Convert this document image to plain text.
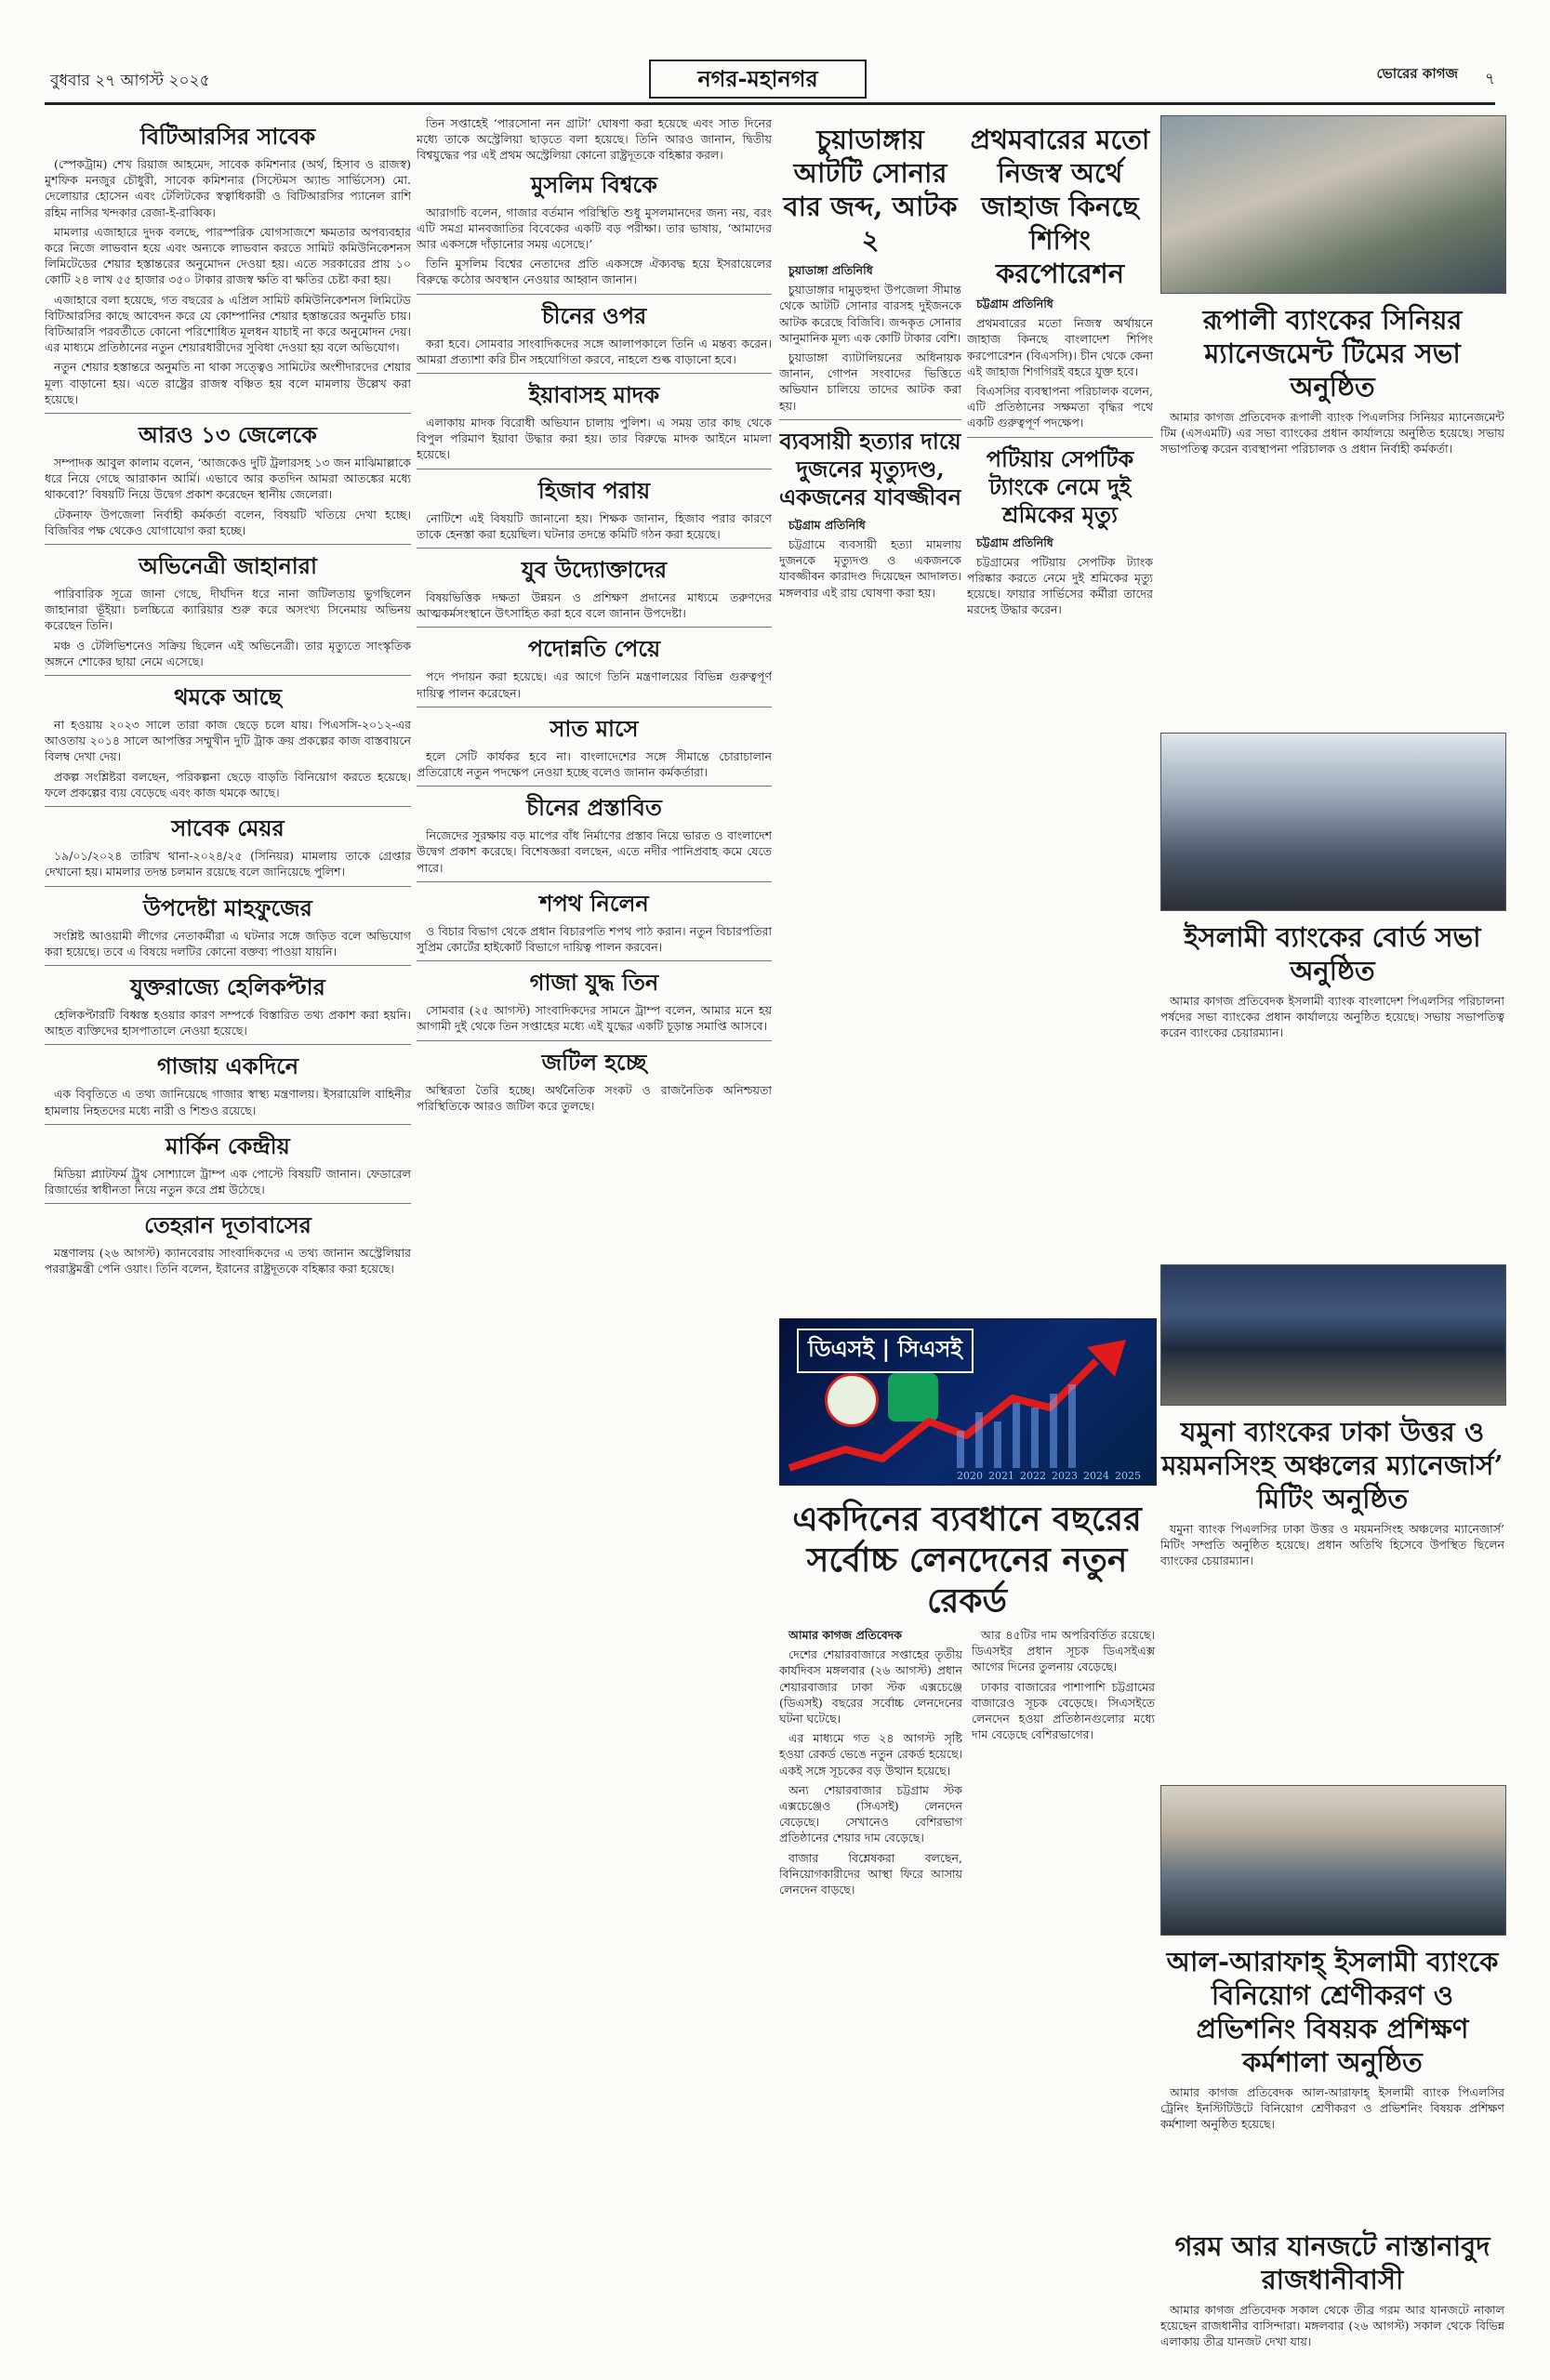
বুধবার ২৭ আগস্ট ২০২৫	নগর-মহানগর	ভোরের কাগজ ৭
বিটিআরসির সাবেক

(স্পেকট্রাম) শেখ রিয়াজ আহমেদ, সাবেক কমিশনার (অর্থ, হিসাব ও রাজস্ব) মুশফিক মনজুর চৌধুরী, সাবেক কমিশনার (সিস্টেমস অ্যান্ড সার্ভিসেস) মো. দেলোয়ার হোসেন এবং টেলিটকের স্বত্বাধিকারী ও বিটিআরসির প্যানেল রাশি রহিম নাসির খন্দকার রেজা-ই-রাব্বিক।

মামলার এজাহারে দুদক বলছে, পারস্পরিক যোগসাজশে ক্ষমতার অপব্যবহার করে নিজে লাভবান হয়ে এবং অন্যকে লাভবান করতে সামিট কমিউনিকেশনস লিমিটেডের শেয়ার হস্তান্তরের অনুমোদন দেওয়া হয়। এতে সরকারের প্রায় ১০ কোটি ২৪ লাখ ৫৫ হাজার ৩৫০ টাকার রাজস্ব ক্ষতি বা ক্ষতির চেষ্টা করা হয়।

এজাহারে বলা হয়েছে, গত বছরের ৯ এপ্রিল সামিট কমিউনিকেশনস লিমিটেড বিটিআরসির কাছে আবেদন করে যে কোম্পানির শেয়ার হস্তান্তরের অনুমতি চায়। বিটিআরসি পরবর্তীতে কোনো পরিশোধিত মূলধন যাচাই না করে অনুমোদন দেয়। এর মাধ্যমে প্রতিষ্ঠানের নতুন শেয়ারধারীদের সুবিধা দেওয়া হয় বলে অভিযোগ।

নতুন শেয়ার হস্তান্তরে অনুমতি না থাকা সত্ত্বেও সামিটের অংশীদারদের শেয়ার মূল্য বাড়ানো হয়। এতে রাষ্ট্রের রাজস্ব বঞ্চিত হয় বলে মামলায় উল্লেখ করা হয়েছে।

আরও ১৩ জেলেকে

সম্পাদক আবুল কালাম বলেন, ‘আজকেও দুটি ট্রলারসহ ১৩ জন মাঝিমাল্লাকে ধরে নিয়ে গেছে আরাকান আর্মি। এভাবে আর কতদিন আমরা আতঙ্কের মধ্যে থাকবো?’ বিষয়টি নিয়ে উদ্বেগ প্রকাশ করেছেন স্থানীয় জেলেরা।

টেকনাফ উপজেলা নির্বাহী কর্মকর্তা বলেন, বিষয়টি খতিয়ে দেখা হচ্ছে। বিজিবির পক্ষ থেকেও যোগাযোগ করা হচ্ছে।

অভিনেত্রী জাহানারা

পারিবারিক সূত্রে জানা গেছে, দীর্ঘদিন ধরে নানা জটিলতায় ভুগছিলেন জাহানারা ভূঁইয়া। চলচ্চিত্রে ক্যারিয়ার শুরু করে অসংখ্য সিনেমায় অভিনয় করেছেন তিনি।

মঞ্চ ও টেলিভিশনেও সক্রিয় ছিলেন এই অভিনেত্রী। তার মৃত্যুতে সাংস্কৃতিক অঙ্গনে শোকের ছায়া নেমে এসেছে।

থমকে আছে

না হওয়ায় ২০২৩ সালে তারা কাজ ছেড়ে চলে যায়। পিএসসি-২০১২-এর আওতায় ২০১৪ সালে আপত্তির সম্মুখীন দুটি ট্রাক ক্রয় প্রকল্পের কাজ বাস্তবায়নে বিলম্ব দেখা দেয়।

প্রকল্প সংশ্লিষ্টরা বলছেন, পরিকল্পনা ছেড়ে বাড়তি বিনিয়োগ করতে হয়েছে। ফলে প্রকল্পের ব্যয় বেড়েছে এবং কাজ থমকে আছে।

সাবেক মেয়র

১৯/০১/২০২৪ তারিখ থানা-২০২৪/২৫ (সিনিয়র) মামলায় তাকে গ্রেপ্তার দেখানো হয়। মামলার তদন্ত চলমান রয়েছে বলে জানিয়েছে পুলিশ।

উপদেষ্টা মাহফুজের

সংশ্লিষ্ট আওয়ামী লীগের নেতাকর্মীরা এ ঘটনার সঙ্গে জড়িত বলে অভিযোগ করা হয়েছে। তবে এ বিষয়ে দলটির কোনো বক্তব্য পাওয়া যায়নি।

যুক্তরাজ্যে হেলিকপ্টার

হেলিকপ্টারটি বিধ্বস্ত হওয়ার কারণ সম্পর্কে বিস্তারিত তথ্য প্রকাশ করা হয়নি। আহত ব্যক্তিদের হাসপাতালে নেওয়া হয়েছে।

গাজায় একদিনে

এক বিবৃতিতে এ তথ্য জানিয়েছে গাজার স্বাস্থ্য মন্ত্রণালয়। ইসরায়েলি বাহিনীর হামলায় নিহতদের মধ্যে নারী ও শিশুও রয়েছে।

মার্কিন কেন্দ্রীয়

মিডিয়া প্ল্যাটফর্ম ট্রুথ সোশ্যালে ট্রাম্প এক পোস্টে বিষয়টি জানান। ফেডারেল রিজার্ভের স্বাধীনতা নিয়ে নতুন করে প্রশ্ন উঠেছে।

তেহরান দূতাবাসের

মন্ত্রণালয় (২৬ আগস্ট) ক্যানবেরায় সাংবাদিকদের এ তথ্য জানান অস্ট্রেলিয়ার পররাষ্ট্রমন্ত্রী পেনি ওয়াং। তিনি বলেন, ইরানের রাষ্ট্রদূতকে বহিষ্কার করা হয়েছে।

তিন সপ্তাহেই ‘পারসোনা নন গ্রাটা’ ঘোষণা করা হয়েছে এবং সাত দিনের মধ্যে তাকে অস্ট্রেলিয়া ছাড়তে বলা হয়েছে। তিনি আরও জানান, দ্বিতীয় বিশ্বযুদ্ধের পর এই প্রথম অস্ট্রেলিয়া কোনো রাষ্ট্রদূতকে বহিষ্কার করল।

মুসলিম বিশ্বকে

আরাগচি বলেন, গাজার বর্তমান পরিস্থিতি শুধু মুসলমানদের জন্য নয়, বরং এটি সমগ্র মানবজাতির বিবেকের একটি বড় পরীক্ষা। তার ভাষায়, ‘আমাদের আর একসঙ্গে দাঁড়ানোর সময় এসেছে।’

তিনি মুসলিম বিশ্বের নেতাদের প্রতি একসঙ্গে ঐক্যবদ্ধ হয়ে ইসরায়েলের বিরুদ্ধে কঠোর অবস্থান নেওয়ার আহ্বান জানান।

চীনের ওপর

করা হবে। সোমবার সাংবাদিকদের সঙ্গে আলাপকালে তিনি এ মন্তব্য করেন। আমরা প্রত্যাশা করি চীন সহযোগিতা করবে, নাহলে শুল্ক বাড়ানো হবে।

ইয়াবাসহ মাদক

এলাকায় মাদক বিরোধী অভিযান চালায় পুলিশ। এ সময় তার কাছ থেকে বিপুল পরিমাণ ইয়াবা উদ্ধার করা হয়। তার বিরুদ্ধে মাদক আইনে মামলা হয়েছে।

হিজাব পরায়

নোটিশে এই বিষয়টি জানানো হয়। শিক্ষক জানান, হিজাব পরার কারণে তাকে হেনস্তা করা হয়েছিল। ঘটনার তদন্তে কমিটি গঠন করা হয়েছে।

যুব উদ্যোক্তাদের

বিষয়ভিত্তিক দক্ষতা উন্নয়ন ও প্রশিক্ষণ প্রদানের মাধ্যমে তরুণদের আত্মকর্মসংস্থানে উৎসাহিত করা হবে বলে জানান উপদেষ্টা।

পদোন্নতি পেয়ে

পদে পদায়ন করা হয়েছে। এর আগে তিনি মন্ত্রণালয়ের বিভিন্ন গুরুত্বপূর্ণ দায়িত্ব পালন করেছেন।

সাত মাসে

হলে সেটি কার্যকর হবে না। বাংলাদেশের সঙ্গে সীমান্তে চোরাচালান প্রতিরোধে নতুন পদক্ষেপ নেওয়া হচ্ছে বলেও জানান কর্মকর্তারা।

চীনের প্রস্তাবিত

নিজেদের সুরক্ষায় বড় মাপের বাঁধ নির্মাণের প্রস্তাব নিয়ে ভারত ও বাংলাদেশ উদ্বেগ প্রকাশ করেছে। বিশেষজ্ঞরা বলছেন, এতে নদীর পানিপ্রবাহ কমে যেতে পারে।

শপথ নিলেন

ও বিচার বিভাগ থেকে প্রধান বিচারপতি শপথ পাঠ করান। নতুন বিচারপতিরা সুপ্রিম কোর্টের হাইকোর্ট বিভাগে দায়িত্ব পালন করবেন।

গাজা যুদ্ধ তিন

সোমবার (২৫ আগস্ট) সাংবাদিকদের সামনে ট্রাম্প বলেন, আমার মনে হয় আগামী দুই থেকে তিন সপ্তাহের মধ্যে এই যুদ্ধের একটি চূড়ান্ত সমাপ্তি আসবে।

জটিল হচ্ছে

অস্থিরতা তৈরি হচ্ছে। অর্থনৈতিক সংকট ও রাজনৈতিক অনিশ্চয়তা পরিস্থিতিকে আরও জটিল করে তুলছে।

চুয়াডাঙ্গায় আটটি সোনার বার জব্দ, আটক ২

চুয়াডাঙ্গা প্রতিনিধি

চুয়াডাঙ্গার দামুড়হুদা উপজেলা সীমান্ত থেকে আটটি সোনার বারসহ দুইজনকে আটক করেছে বিজিবি। জব্দকৃত সোনার আনুমানিক মূল্য এক কোটি টাকার বেশি।

চুয়াডাঙ্গা ব্যাটালিয়নের অধিনায়ক জানান, গোপন সংবাদের ভিত্তিতে অভিযান চালিয়ে তাদের আটক করা হয়।

ব্যবসায়ী হত্যার দায়ে দুজনের মৃত্যুদণ্ড, একজনের যাবজ্জীবন

চট্টগ্রাম প্রতিনিধি

চট্টগ্রামে ব্যবসায়ী হত্যা মামলায় দুজনকে মৃত্যুদণ্ড ও একজনকে যাবজ্জীবন কারাদণ্ড দিয়েছেন আদালত। মঙ্গলবার এই রায় ঘোষণা করা হয়।

প্রথমবারের মতো নিজস্ব অর্থে জাহাজ কিনছে শিপিং করপোরেশন

চট্টগ্রাম প্রতিনিধি

প্রথমবারের মতো নিজস্ব অর্থায়নে জাহাজ কিনছে বাংলাদেশ শিপিং করপোরেশন (বিএসসি)। চীন থেকে কেনা এই জাহাজ শিগগিরই বহরে যুক্ত হবে।

বিএসসির ব্যবস্থাপনা পরিচালক বলেন, এটি প্রতিষ্ঠানের সক্ষমতা বৃদ্ধির পথে একটি গুরুত্বপূর্ণ পদক্ষেপ।

পটিয়ায় সেপটিক ট্যাংকে নেমে দুই শ্রমিকের মৃত্যু

চট্টগ্রাম প্রতিনিধি

চট্টগ্রামের পটিয়ায় সেপটিক ট্যাংক পরিষ্কার করতে নেমে দুই শ্রমিকের মৃত্যু হয়েছে। ফায়ার সার্ভিসের কর্মীরা তাদের মরদেহ উদ্ধার করেন।

ডিএসই | সিএসই
2020 2021 2022 2023 2024 2025
একদিনের ব্যবধানে বছরের সর্বোচ্চ লেনদেনের নতুন রেকর্ড

আমার কাগজ প্রতিবেদক

দেশের শেয়ারবাজারে সপ্তাহের তৃতীয় কার্যদিবস মঙ্গলবার (২৬ আগস্ট) প্রধান শেয়ারবাজার ঢাকা স্টক এক্সচেঞ্জে (ডিএসই) বছরের সর্বোচ্চ লেনদেনের ঘটনা ঘটেছে।

এর মাধ্যমে গত ২৪ আগস্ট সৃষ্টি হওয়া রেকর্ড ভেঙে নতুন রেকর্ড হয়েছে। একই সঙ্গে সূচকের বড় উত্থান হয়েছে।

অন্য শেয়ারবাজার চট্টগ্রাম স্টক এক্সচেঞ্জেও (সিএসই) লেনদেন বেড়েছে। সেখানেও বেশিরভাগ প্রতিষ্ঠানের শেয়ার দাম বেড়েছে।

বাজার বিশ্লেষকরা বলছেন, বিনিয়োগকারীদের আস্থা ফিরে আসায় লেনদেন বাড়ছে।

আর ৪৫টির দাম অপরিবর্তিত রয়েছে। ডিএসইর প্রধান সূচক ডিএসইএক্স আগের দিনের তুলনায় বেড়েছে।

ঢাকার বাজারের পাশাপাশি চট্টগ্রামের বাজারেও সূচক বেড়েছে। সিএসইতে লেনদেন হওয়া প্রতিষ্ঠানগুলোর মধ্যে দাম বেড়েছে বেশিরভাগের।

রূপালী ব্যাংকের সিনিয়র ম্যানেজমেন্ট টিমের সভা অনুষ্ঠিত

আমার কাগজ প্রতিবেদক রূপালী ব্যাংক পিএলসির সিনিয়র ম্যানেজমেন্ট টিম (এসএমটি) এর সভা ব্যাংকের প্রধান কার্যালয়ে অনুষ্ঠিত হয়েছে। সভায় সভাপতিত্ব করেন ব্যবস্থাপনা পরিচালক ও প্রধান নির্বাহী কর্মকর্তা।

ইসলামী ব্যাংকের বোর্ড সভা অনুষ্ঠিত

আমার কাগজ প্রতিবেদক ইসলামী ব্যাংক বাংলাদেশ পিএলসির পরিচালনা পর্ষদের সভা ব্যাংকের প্রধান কার্যালয়ে অনুষ্ঠিত হয়েছে। সভায় সভাপতিত্ব করেন ব্যাংকের চেয়ারম্যান।

যমুনা ব্যাংকের ঢাকা উত্তর ও ময়মনসিংহ অঞ্চলের ম্যানেজার্স’ মিটিং অনুষ্ঠিত

যমুনা ব্যাংক পিএলসির ঢাকা উত্তর ও ময়মনসিংহ অঞ্চলের ম্যানেজার্স’ মিটিং সম্প্রতি অনুষ্ঠিত হয়েছে। প্রধান অতিথি হিসেবে উপস্থিত ছিলেন ব্যাংকের চেয়ারম্যান।

আল-আরাফাহ্ ইসলামী ব্যাংকে বিনিয়োগ শ্রেণীকরণ ও প্রভিশনিং বিষয়ক প্রশিক্ষণ কর্মশালা অনুষ্ঠিত

আমার কাগজ প্রতিবেদক আল-আরাফাহ্ ইসলামী ব্যাংক পিএলসির ট্রেনিং ইনস্টিটিউটে বিনিয়োগ শ্রেণীকরণ ও প্রভিশনিং বিষয়ক প্রশিক্ষণ কর্মশালা অনুষ্ঠিত হয়েছে।

গরম আর যানজটে নাস্তানাবুদ রাজধানীবাসী

আমার কাগজ প্রতিবেদক সকাল থেকে তীব্র গরম আর যানজটে নাকাল হয়েছেন রাজধানীর বাসিন্দারা। মঙ্গলবার (২৬ আগস্ট) সকাল থেকে বিভিন্ন এলাকায় তীব্র যানজট দেখা যায়।
